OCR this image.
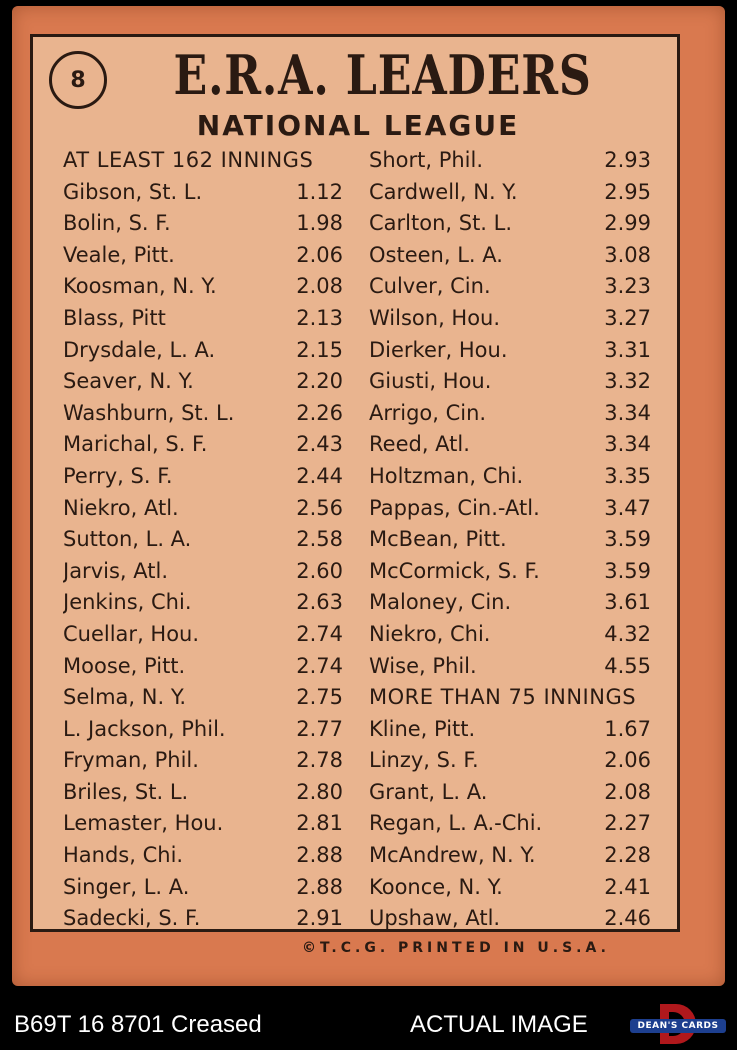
8	E.R.A. LEADERS
NATIONAL LEAGUE
AT LEAST 162 INNINGS
Gibson, St. L.	1.12
Bolin, S. F.	1.98
Veale, Pitt.	2.06
Koosman, N. Y.	2.08
Blass, Pitt	2.13
Drysdale, L. A.	2.15
Seaver, N. Y.	2.20
Washburn, St. L.	2.26
Marichal, S. F.	2.43
Perry, S. F.	2.44
Niekro, Atl.	2.56
Sutton, L. A.	2.58
Jarvis, Atl.	2.60
Jenkins, Chi.	2.63
Cuellar, Hou.	2.74
Moose, Pitt.	2.74
Selma, N. Y.	2.75
L. Jackson, Phil.	2.77
Fryman, Phil.	2.78
Briles, St. L.	2.80
Lemaster, Hou.	2.81
Hands, Chi.	2.88
Singer, L. A.	2.88
Sadecki, S. F.	2.91
Short, Phil.	2.93
Cardwell, N. Y.	2.95
Carlton, St. L.	2.99
Osteen, L. A.	3.08
Culver, Cin.	3.23
Wilson, Hou.	3.27
Dierker, Hou.	3.31
Giusti, Hou.	3.32
Arrigo, Cin.	3.34
Reed, Atl.	3.34
Holtzman, Chi.	3.35
Pappas, Cin.-Atl.	3.47
McBean, Pitt.	3.59
McCormick, S. F.	3.59
Maloney, Cin.	3.61
Niekro, Chi.	4.32
Wise, Phil.	4.55
MORE THAN 75 INNINGS
Kline, Pitt.	1.67
Linzy, S. F.	2.06
Grant, L. A.	2.08
Regan, L. A.-Chi.	2.27
McAndrew, N. Y.	2.28
Koonce, N. Y.	2.41
Upshaw, Atl.	2.46
©T.C.G. PRINTED IN U.S.A.
B69T 16 8701 Creased	ACTUAL IMAGE	DEAN'S CARDS
